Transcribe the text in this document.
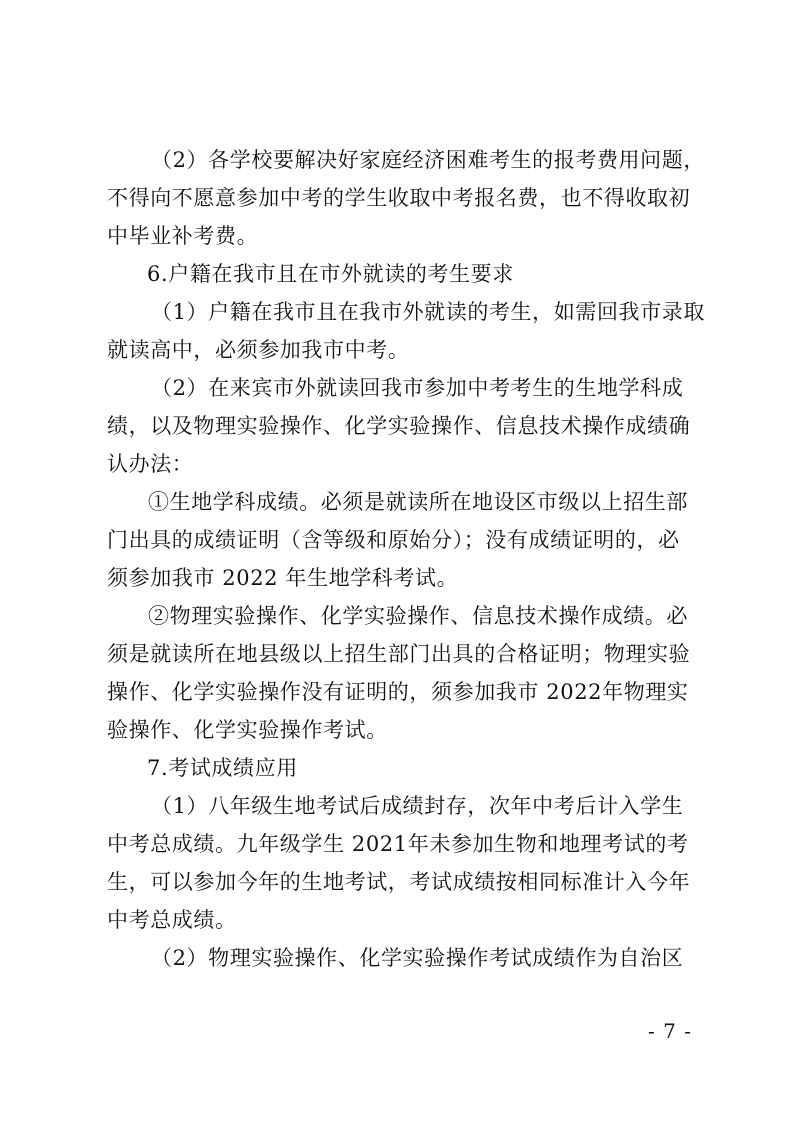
（2）各学校要解决好家庭经济困难考生的报考费用问题，
不得向不愿意参加中考的学生收取中考报名费，也不得收取初
中毕业补考费。
6.户籍在我市且在市外就读的考生要求
（1）户籍在我市且在我市外就读的考生，如需回我市录取
就读高中，必须参加我市中考。
（2）在来宾市外就读回我市参加中考考生的生地学科成
绩，以及物理实验操作、化学实验操作、信息技术操作成绩确
认办法：
①生地学科成绩。必须是就读所在地设区市级以上招生部
门出具的成绩证明（含等级和原始分）；没有成绩证明的，必
须参加我市 2022 年生地学科考试。
②物理实验操作、化学实验操作、信息技术操作成绩。必
须是就读所在地县级以上招生部门出具的合格证明；物理实验
操作、化学实验操作没有证明的，须参加我市 2022年物理实
验操作、化学实验操作考试。
7.考试成绩应用
（1）八年级生地考试后成绩封存，次年中考后计入学生
中考总成绩。九年级学生 2021年未参加生物和地理考试的考
生，可以参加今年的生地考试，考试成绩按相同标准计入今年
中考总成绩。
（2）物理实验操作、化学实验操作考试成绩作为自治区
- 7 -
